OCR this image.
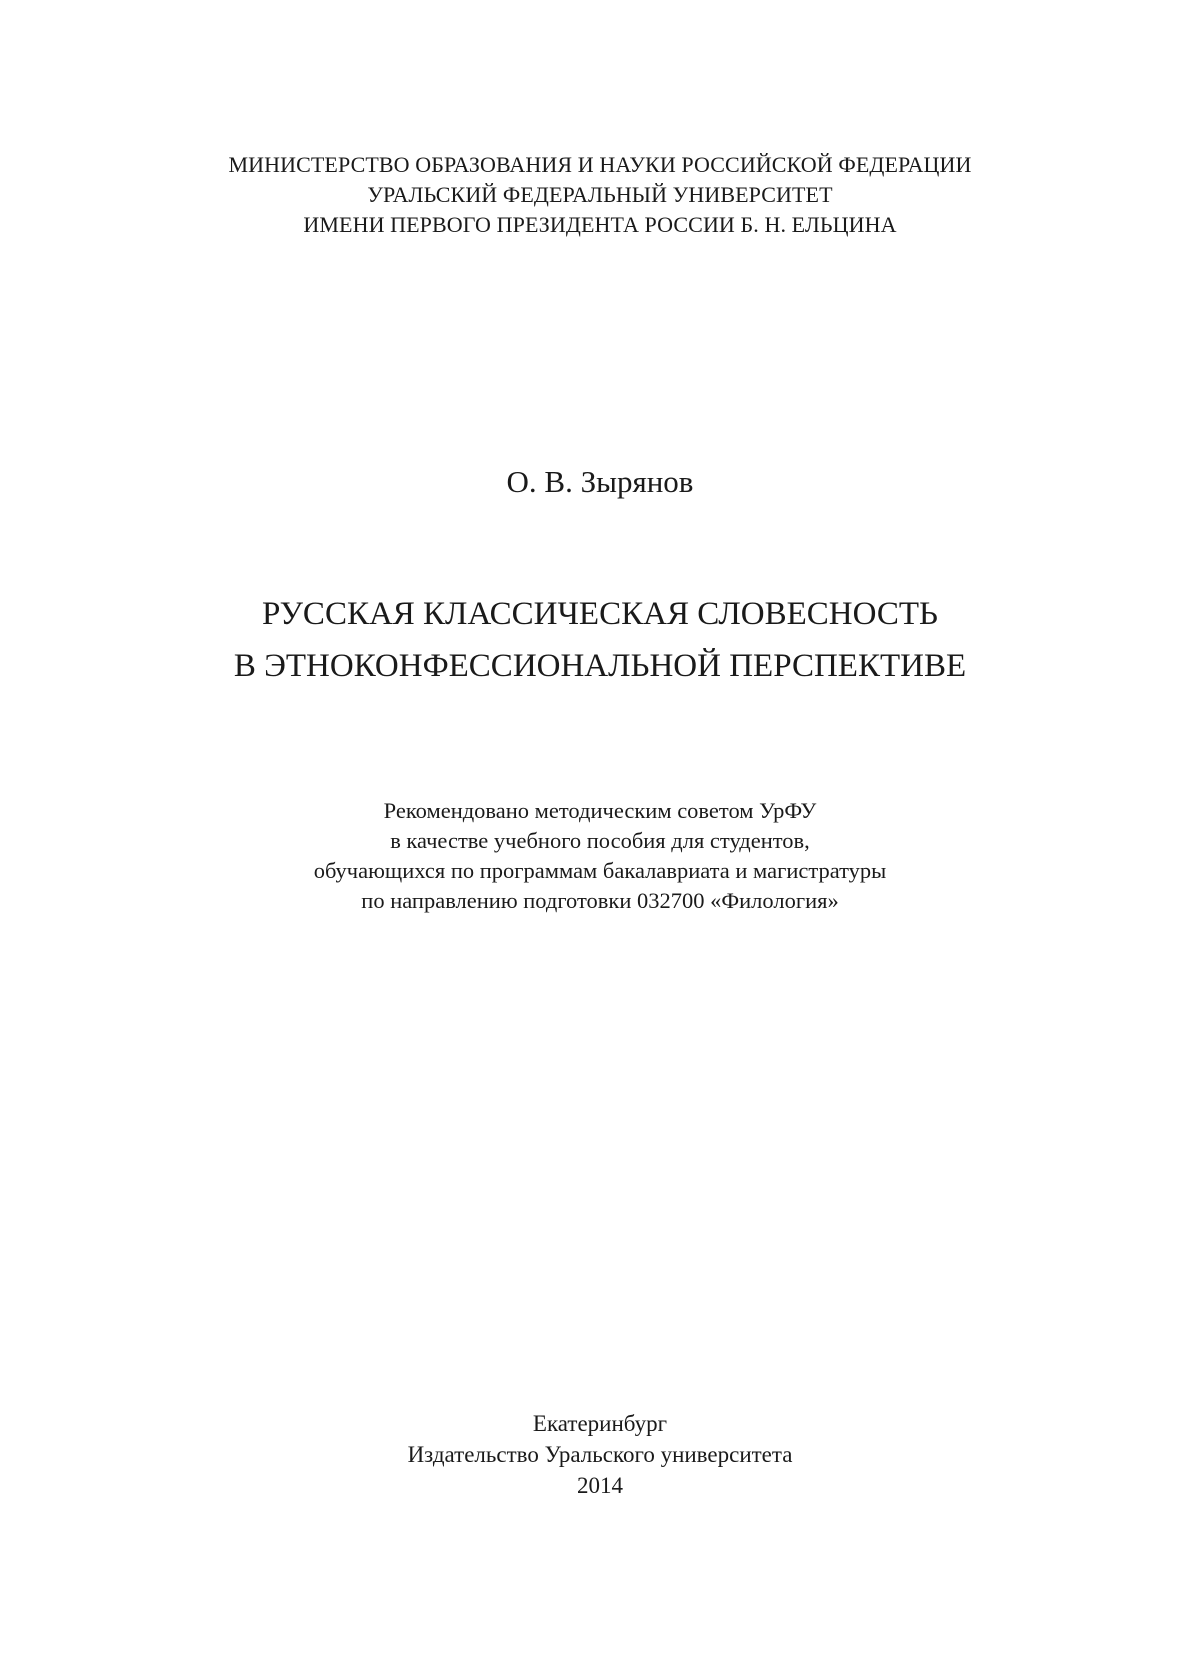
МИНИСТЕРСТВО ОБРАЗОВАНИЯ И НАУКИ РОССИЙСКОЙ ФЕДЕРАЦИИ
УРАЛЬСКИЙ ФЕДЕРАЛЬНЫЙ УНИВЕРСИТЕТ
ИМЕНИ ПЕРВОГО ПРЕЗИДЕНТА РОССИИ Б. Н. ЕЛЬЦИНА
О. В. Зырянов
РУССКАЯ КЛАССИЧЕСКАЯ СЛОВЕСНОСТЬ
В ЭТНОКОНФЕССИОНАЛЬНОЙ ПЕРСПЕКТИВЕ
Рекомендовано методическим советом УрФУ
в качестве учебного пособия для студентов,
обучающихся по программам бакалавриата и магистратуры
по направлению подготовки 032700 «Филология»
Екатеринбург
Издательство Уральского университета
2014
